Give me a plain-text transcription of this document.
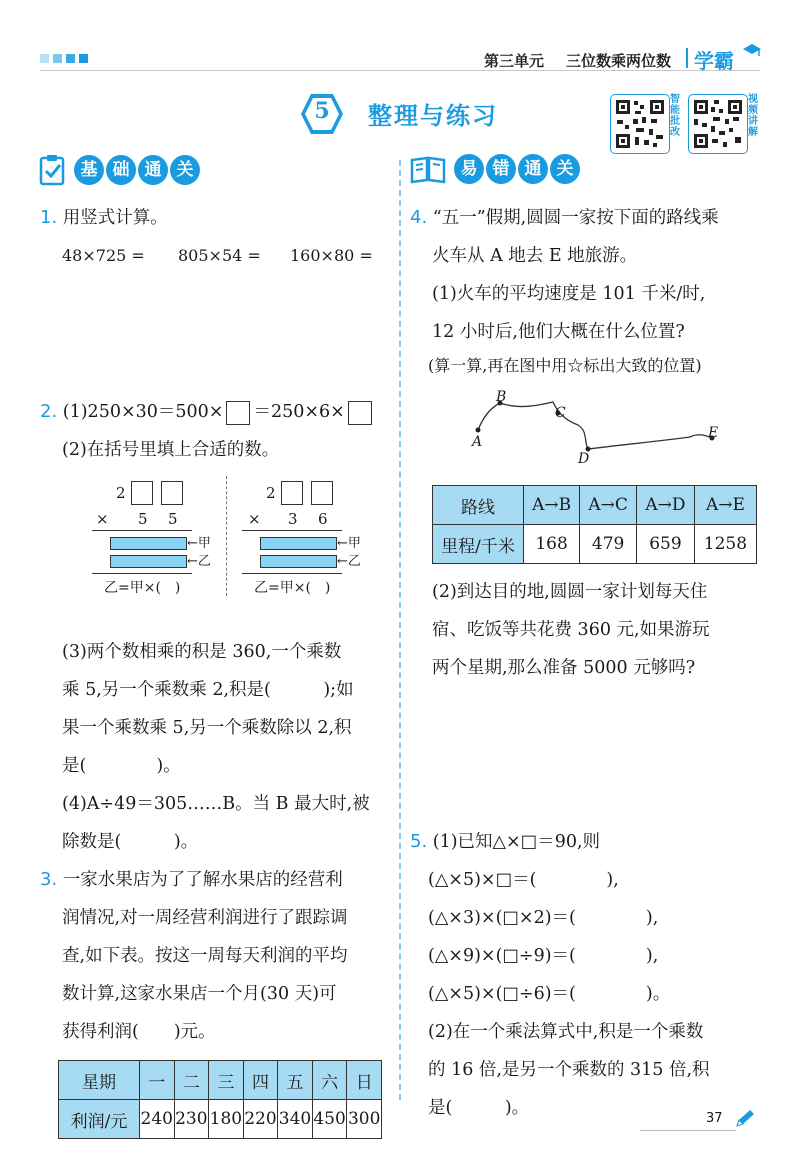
第三单元 三位数乘两位数 学霸
5	整理与练习
智能批改
视频讲解
基 础 通 关	易 错 通 关
1. 用竖式计算。
48×725 = 805×54 = 160×80 =
2. (1)250×30＝500× ＝250×6×
(2)在括号里填上合适的数。
2
× 5 5
←甲
←乙
乙=甲×(　)
2
× 3 6
←甲
←乙
乙=甲×(　)
(3)两个数相乘的积是 360,一个乘数
乘 5,另一个乘数乘 2,积是(　　　);如
果一个乘数乘 5,另一个乘数除以 2,积
是(　　　　)。
(4)A÷49＝305……B。当 B 最大时,被
除数是(　　　)。
3. 一家水果店为了了解水果店的经营利
润情况,对一周经营利润进行了跟踪调
查,如下表。按这一周每天利润的平均
数计算,这家水果店一个月(30 天)可
获得利润(　　)元。
星期	一	二	三	四	五	六	日
利润/元	240	230	180	220	340	450	300
4. “五一”假期,圆圆一家按下面的路线乘
火车从 A 地去 E 地旅游。
(1)火车的平均速度是 101 千米/时,
12 小时后,他们大概在什么位置?
(算一算,再在图中用☆标出大致的位置)
A
B
C
D
E
路线	A→B	A→C	A→D	A→E
里程/千米	168	479	659	1258
(2)到达目的地,圆圆一家计划每天住
宿、吃饭等共花费 360 元,如果游玩
两个星期,那么准备 5000 元够吗?
5. (1)已知△×□＝90,则
(△×5)×□＝(　　　　),
(△×3)×(□×2)＝(　　　　),
(△×9)×(□÷9)＝(　　　　),
(△×5)×(□÷6)＝(　　　　)。
(2)在一个乘法算式中,积是一个乘数
的 16 倍,是另一个乘数的 315 倍,积
是(　　　)。
37
